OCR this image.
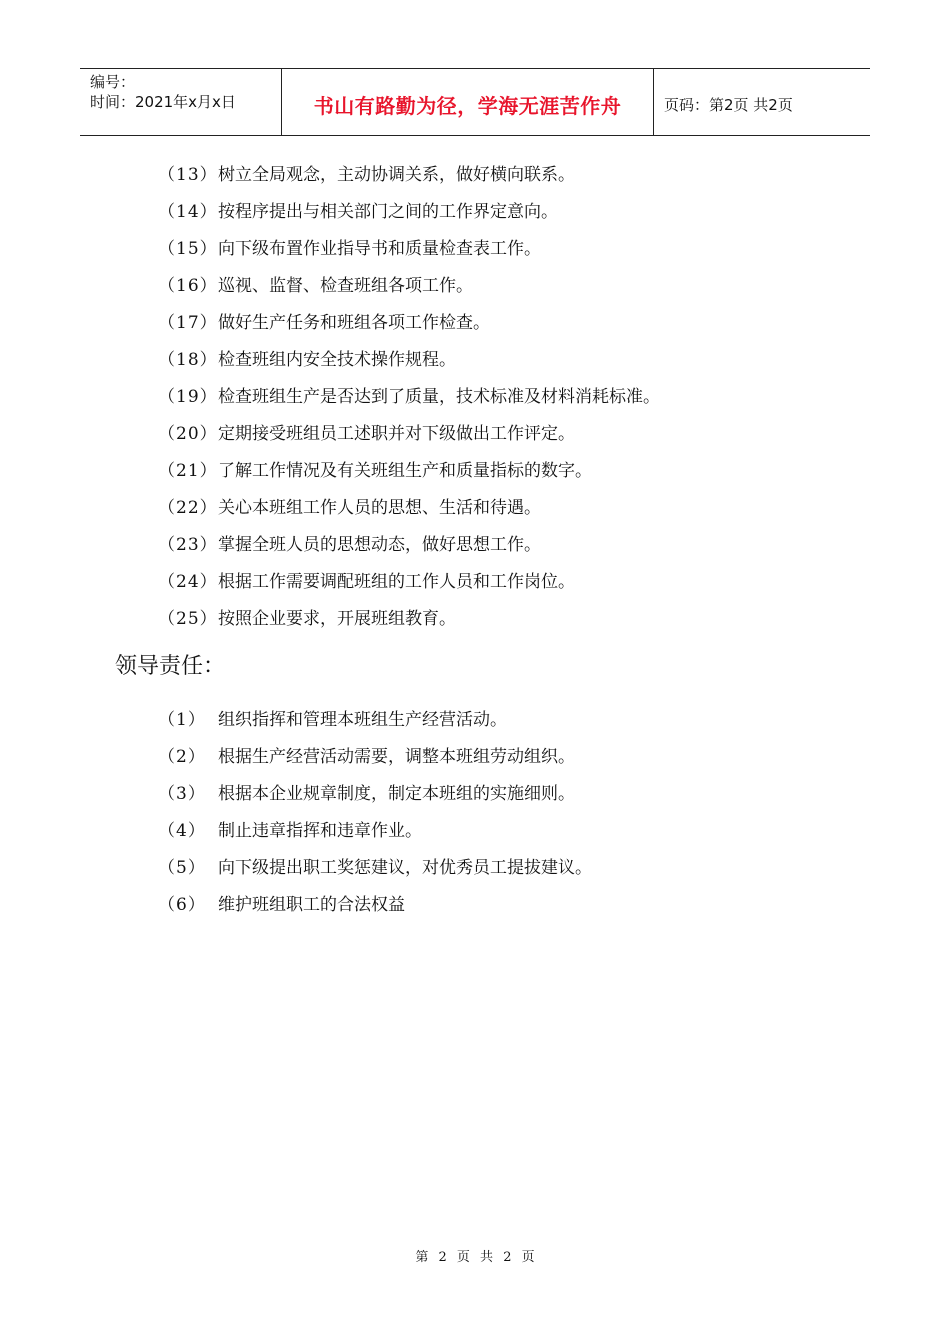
编号：
时间：2021年x月x日	书山有路勤为径，学海无涯苦作舟	页码：第2页 共2页
（13） 树立全局观念，主动协调关系，做好横向联系。
（14） 按程序提出与相关部门之间的工作界定意向。
（15） 向下级布置作业指导书和质量检查表工作。
（16） 巡视、监督、检查班组各项工作。
（17） 做好生产任务和班组各项工作检查。
（18） 检查班组内安全技术操作规程。
（19） 检查班组生产是否达到了质量，技术标准及材料消耗标准。
（20） 定期接受班组员工述职并对下级做出工作评定。
（21） 了解工作情况及有关班组生产和质量指标的数字。
（22） 关心本班组工作人员的思想、生活和待遇。
（23） 掌握全班人员的思想动态，做好思想工作。
（24） 根据工作需要调配班组的工作人员和工作岗位。
（25） 按照企业要求，开展班组教育。
领导责任：
（1） 组织指挥和管理本班组生产经营活动。
（2） 根据生产经营活动需要，调整本班组劳动组织。
（3） 根据本企业规章制度，制定本班组的实施细则。
（4） 制止违章指挥和违章作业。
（5） 向下级提出职工奖惩建议，对优秀员工提拔建议。
（6） 维护班组职工的合法权益
第 2 页 共 2 页
